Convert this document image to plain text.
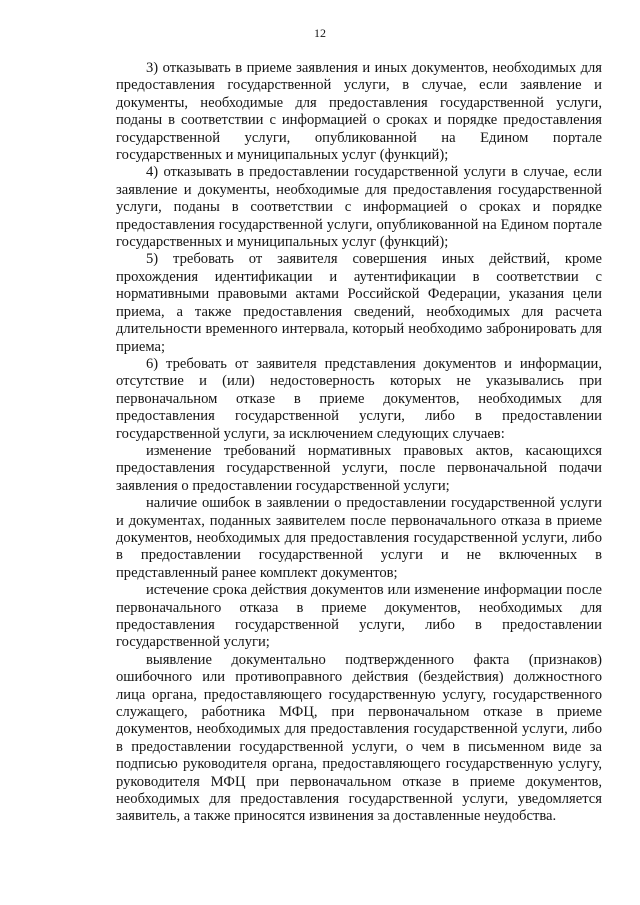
12

3) отказывать в приеме заявления и иных документов, необходимых для предоставления государственной услуги, в случае, если заявление и документы, необходимые для предоставления государственной услуги, поданы в соответствии с информацией о сроках и порядке предоставления государственной услуги, опубликованной на Едином портале государственных и муниципальных услуг (функций);

4) отказывать в предоставлении государственной услуги в случае, если заявление и документы, необходимые для предоставления государственной услуги, поданы в соответствии с информацией о сроках и порядке предоставления государственной услуги, опубликованной на Едином портале государственных и муниципальных услуг (функций);

5) требовать от заявителя совершения иных действий, кроме прохождения идентификации и аутентификации в соответствии с нормативными правовыми актами Российской Федерации, указания цели приема, а также предоставления сведений, необходимых для расчета длительности временного интервала, который необходимо забронировать для приема;

6) требовать от заявителя представления документов и информации, отсутствие и (или) недостоверность которых не указывались при первоначальном отказе в приеме документов, необходимых для предоставления государственной услуги, либо в предоставлении государственной услуги, за исключением следующих случаев:

изменение требований нормативных правовых актов, касающихся предоставления государственной услуги, после первоначальной подачи заявления о предоставлении государственной услуги;

наличие ошибок в заявлении о предоставлении государственной услуги и документах, поданных заявителем после первоначального отказа в приеме документов, необходимых для предоставления государственной услуги, либо в предоставлении государственной услуги и не включенных в представленный ранее комплект документов;

истечение срока действия документов или изменение информации после первоначального отказа в приеме документов, необходимых для предоставления государственной услуги, либо в предоставлении государственной услуги;

выявление документально подтвержденного факта (признаков) ошибочного или противоправного действия (бездействия) должностного лица органа, предоставляющего государственную услугу, государственного служащего, работника МФЦ, при первоначальном отказе в приеме документов, необходимых для предоставления государственной услуги, либо в предоставлении государственной услуги, о чем в письменном виде за подписью руководителя органа, предоставляющего государственную услугу, руководителя МФЦ при первоначальном отказе в приеме документов, необходимых для предоставления государственной услуги, уведомляется заявитель, а также приносятся извинения за доставленные неудобства.
